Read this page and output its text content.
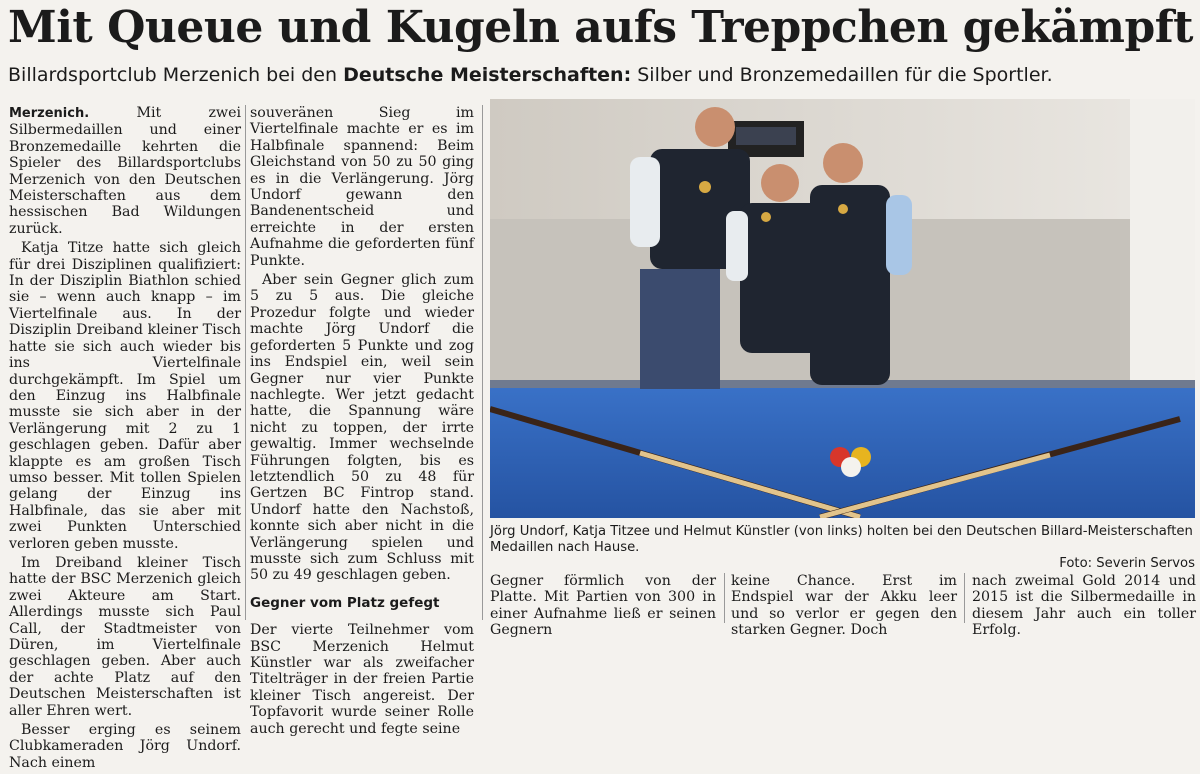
Mit Queue und Kugeln aufs Treppchen gekämpft
Billardsportclub Merzenich bei den Deutsche Meisterschaften: Silber und Bronzemedaillen für die Sportler.

Merzenich.	Mit zwei Silbermedaillen und einer Bronzemedaille kehrten die Spieler des Billardsportclubs Merzenich von den Deutschen Meisterschaften aus dem hessischen Bad Wildungen zurück.

Katja Titze hatte sich gleich für drei Disziplinen qualifiziert: In der Disziplin Biathlon schied sie – wenn auch knapp – im Viertelfinale aus. In der Disziplin Dreiband kleiner Tisch hatte sie sich auch wieder bis ins Viertelfinale durchgekämpft. Im Spiel um den Einzug ins Halbfinale musste sie sich aber in der Verlängerung mit 2 zu 1 geschlagen geben. Dafür aber klappte es am großen Tisch umso besser. Mit tollen Spielen gelang der Einzug ins Halbfinale, das sie aber mit zwei Punkten Unterschied verloren geben musste.

Im Dreiband kleiner Tisch hatte der BSC Merzenich gleich zwei Akteure am Start. Allerdings musste sich Paul Call, der Stadtmeister von Düren, im Viertelfinale geschlagen geben. Aber auch der achte Platz auf den Deutschen Meisterschaften ist aller Ehren wert.

Besser erging es seinem Clubkameraden Jörg Undorf. Nach einem

souveränen Sieg im Viertelfinale machte er es im Halbfinale spannend: Beim Gleichstand von 50 zu 50 ging es in die Verlängerung. Jörg Undorf gewann den Bandenentscheid und erreichte in der ersten Aufnahme die geforderten fünf Punkte.

Aber sein Gegner glich zum 5 zu 5 aus. Die gleiche Prozedur folgte und wieder machte Jörg Undorf die geforderten 5 Punkte und zog ins Endspiel ein, weil sein Gegner nur vier Punkte nachlegte. Wer jetzt gedacht hatte, die Spannung wäre nicht zu toppen, der irrte gewaltig. Immer wechselnde Führungen folgten, bis es letztendlich 50 zu 48 für Gertzen BC Fintrop stand. Undorf hatte den Nachstoß, konnte sich aber nicht in die Verlängerung spielen und musste sich zum Schluss mit 50 zu 49 geschlagen geben.

Gegner vom Platz gefegt

Der vierte Teilnehmer vom BSC Merzenich Helmut Künstler war als zweifacher Titelträger in der freien Partie kleiner Tisch angereist. Der Topfavorit wurde seiner Rolle auch gerecht und fegte seine

Jörg Undorf, Katja Titzee und Helmut Künstler (von links) holten bei den Deutschen Billard-Meisterschaften Medaillen nach Hause.
Foto: Severin Servos
Gegner förmlich von der Platte. Mit Partien von 300 in einer Aufnahme ließ er seinen Gegnern
keine Chance. Erst im Endspiel war der Akku leer und so verlor er gegen den starken Gegner. Doch
nach zweimal Gold 2014 und 2015 ist die Silbermedaille in diesem Jahr auch ein toller Erfolg.
